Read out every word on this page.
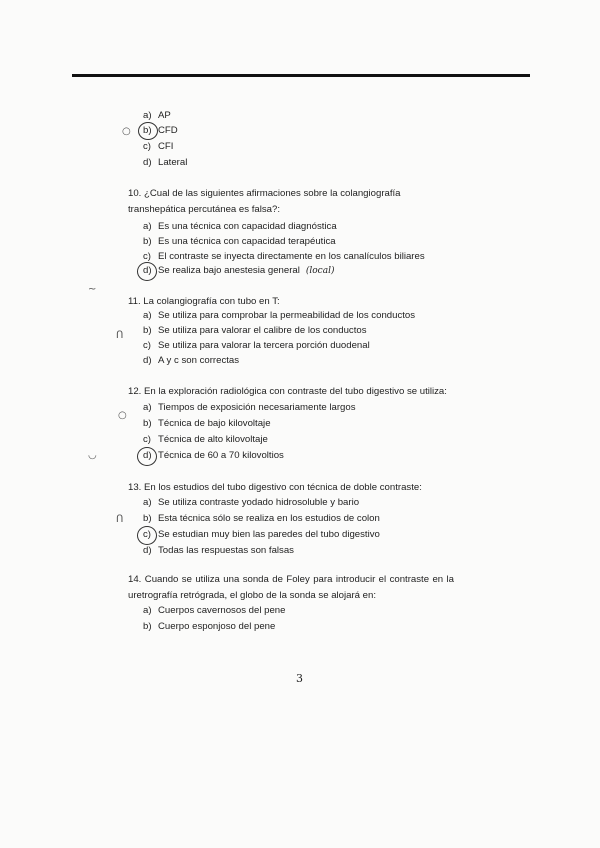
a) AP
b) CFD
c) CFI
d) Lateral
○
10. ¿Cual de las siguientes afirmaciones sobre la colangiografía transhepática percutánea es falsa?:
a) Es una técnica con capacidad diagnóstica
b) Es una técnica con capacidad terapéutica
c) El contraste se inyecta directamente en los canalículos biliares
d) Se realiza bajo anestesia general (local)
~
11. La colangiografía con tubo en T:
a) Se utiliza para comprobar la permeabilidad de los conductos
b) Se utiliza para valorar el calibre de los conductos
c) Se utiliza para valorar la tercera porción duodenal
d) A y c son correctas
ᑎ
12. En la exploración radiológica con contraste del tubo digestivo se utiliza:
a) Tiempos de exposición necesariamente largos
b) Técnica de bajo kilovoltaje
c) Técnica de alto kilovoltaje
d) Técnica de 60 a 70 kilovoltios
○
◡
13. En los estudios del tubo digestivo con técnica de doble contraste:
a) Se utiliza contraste yodado hidrosoluble y bario
b) Esta técnica sólo se realiza en los estudios de colon
c) Se estudian muy bien las paredes del tubo digestivo
d) Todas las respuestas son falsas
ᑎ
14. Cuando se utiliza una sonda de Foley para introducir el contraste en la uretrografía retrógrada, el globo de la sonda se alojará en:
a) Cuerpos cavernosos del pene
b) Cuerpo esponjoso del pene
3
